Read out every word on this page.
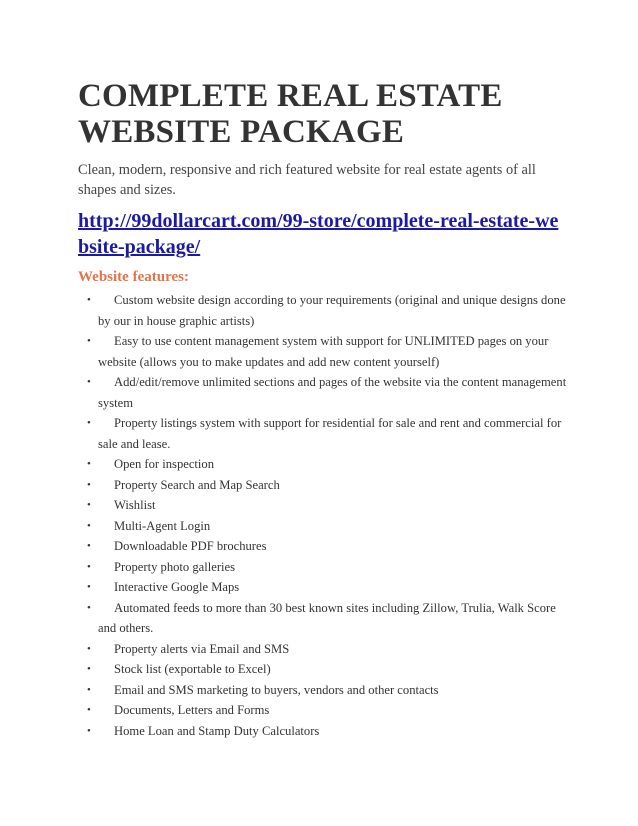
COMPLETE REAL ESTATE WEBSITE PACKAGE

Clean, modern, responsive and rich featured website for real estate agents of all shapes and sizes.

http://99dollarcart.com/99-store/complete-real-estate-website-package/
Website features:
•	Custom website design according to your requirements (original and unique designs done by our in house graphic artists)
•	Easy to use content management system with support for UNLIMITED pages on your website (allows you to make updates and add new content yourself)
•	Add/edit/remove unlimited sections and pages of the website via the content management system
•	Property listings system with support for residential for sale and rent and commercial for sale and lease.
•	Open for inspection
•	Property Search and Map Search
•	Wishlist
•	Multi-Agent Login
•	Downloadable PDF brochures
•	Property photo galleries
•	Interactive Google Maps
•	Automated feeds to more than 30 best known sites including Zillow, Trulia, Walk Score and others.
•	Property alerts via Email and SMS
•	Stock list (exportable to Excel)
•	Email and SMS marketing to buyers, vendors and other contacts
•	Documents, Letters and Forms
•	Home Loan and Stamp Duty Calculators
